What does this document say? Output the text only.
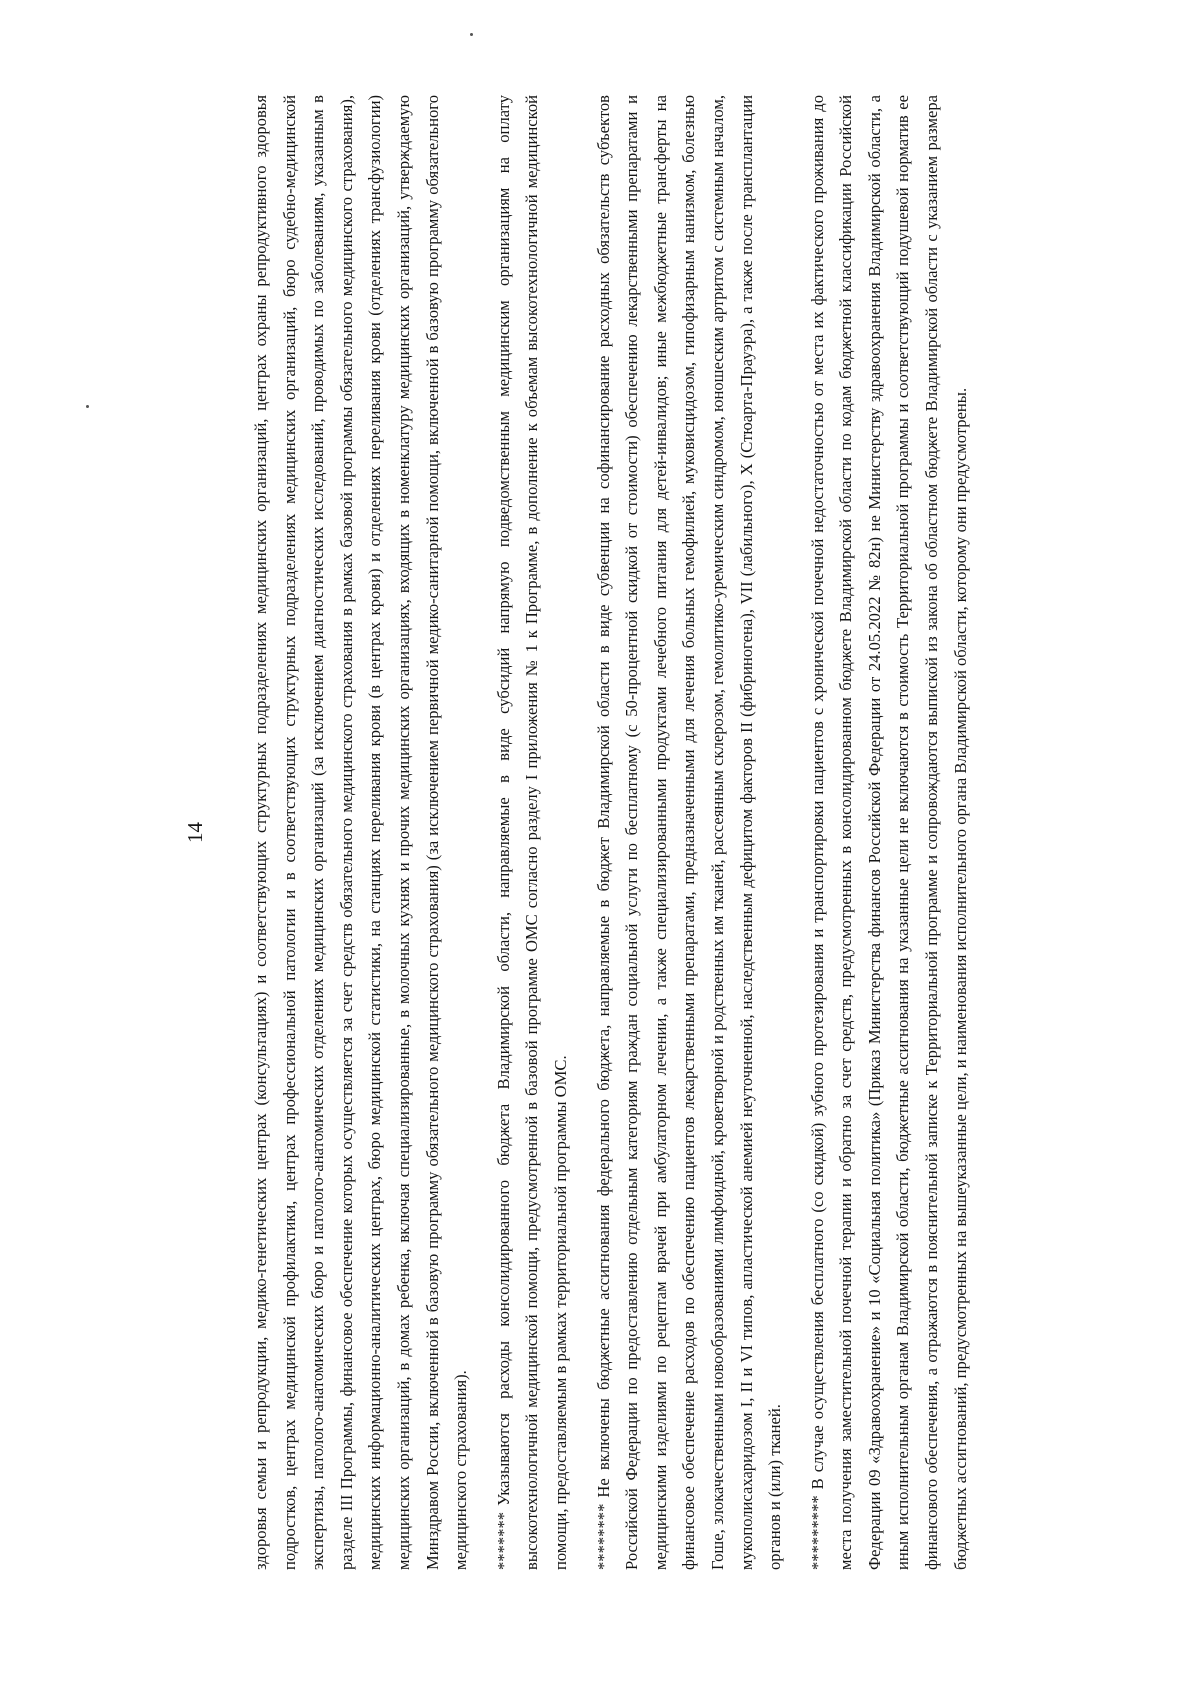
14	здоровья семьи и репродукции, медико-генетических центрах (консультациях) и соответствующих структурных подразделениях медицинских организаций, центрах охраны репродуктивного здоровья подростков, центрах медицинской профилактики, центрах профессиональной патологии и в соответствующих структурных подразделениях медицинских организаций, бюро судебно-медицинской экспертизы, патолого-анатомических бюро и патолого-анатомических отделениях медицинских организаций (за исключением диагностических исследований, проводимых по заболеваниям, указанным в разделе III Программы, финансовое обеспечение которых осуществляется за счет средств обязательного медицинского страхования в рамках базовой программы обязательного медицинского страхования), медицинских информационно-аналитических центрах, бюро медицинской статистики, на станциях переливания крови (в центрах крови) и отделениях переливания крови (отделениях трансфузиологии) медицинских организаций, в домах ребенка, включая специализированные, в молочных кухнях и прочих медицинских организациях, входящих в номенклатуру медицинских организаций, утверждаемую Минздравом России, включенной в базовую программу обязательного медицинского страхования) (за исключением первичной медико-санитарной помощи, включенной в базовую программу обязательного медицинского страхования).	*******Указываются расходы консолидированного бюджета Владимирской области, направляемые в виде субсидий напрямую подведомственным медицинским организациям на оплату высокотехнологичной медицинской помощи, предусмотренной в базовой программе ОМС согласно разделу I приложения № 1 к Программе, в дополнение к объемам высокотехнологичной медицинской помощи, предоставляемым в рамках территориальной программы ОМС.	********Не включены бюджетные ассигнования федерального бюджета, направляемые в бюджет Владимирской области в виде субвенции на софинансирование расходных обязательств субъектов Российской Федерации по предоставлению отдельным категориям граждан социальной услуги по бесплатному (с 50-процентной скидкой от стоимости) обеспечению лекарственными препаратами и медицинскими изделиями по рецептам врачей при амбулаторном лечении, а также специализированными продуктами лечебного питания для детей-инвалидов; иные межбюджетные трансферты на финансовое обеспечение расходов по обеспечению пациентов лекарственными препаратами, предназначенными для лечения больных гемофилией, муковисцидозом, гипофизарным нанизмом, болезнью Гоше, злокачественными новообразованиями лимфоидной, кроветворной и родственных им тканей, рассеянным склерозом, гемолитико-уремическим синдромом, юношеским артритом с системным началом, мукополисахаридозом I, II и VI типов, апластической анемией неуточненной, наследственным дефицитом факторов II (фибриногена), VII (лабильного), X (Стюарта-Прауэра), а также после трансплантации органов и (или) тканей.	*********В случае осуществления бесплатного (со скидкой) зубного протезирования и транспортировки пациентов с хронической почечной недостаточностью от места их фактического проживания до места получения заместительной почечной терапии и обратно за счет средств, предусмотренных в консолидированном бюджете Владимирской области по кодам бюджетной классификации Российской Федерации 09 «Здравоохранение» и 10 «Социальная политика» (Приказ Министерства финансов Российской Федерации от 24.05.2022 № 82н) не Министерству здравоохранения Владимирской области, а иным исполнительным органам Владимирской области, бюджетные ассигнования на указанные цели не включаются в стоимость Территориальной программы и соответствующий подушевой норматив ее финансового обеспечения, а отражаются в пояснительной записке к Территориальной программе и сопровождаются выпиской из закона об областном бюджете Владимирской области с указанием размера бюджетных ассигнований, предусмотренных на вышеуказанные цели, и наименования исполнительного органа Владимирской области, которому они предусмотрены.
